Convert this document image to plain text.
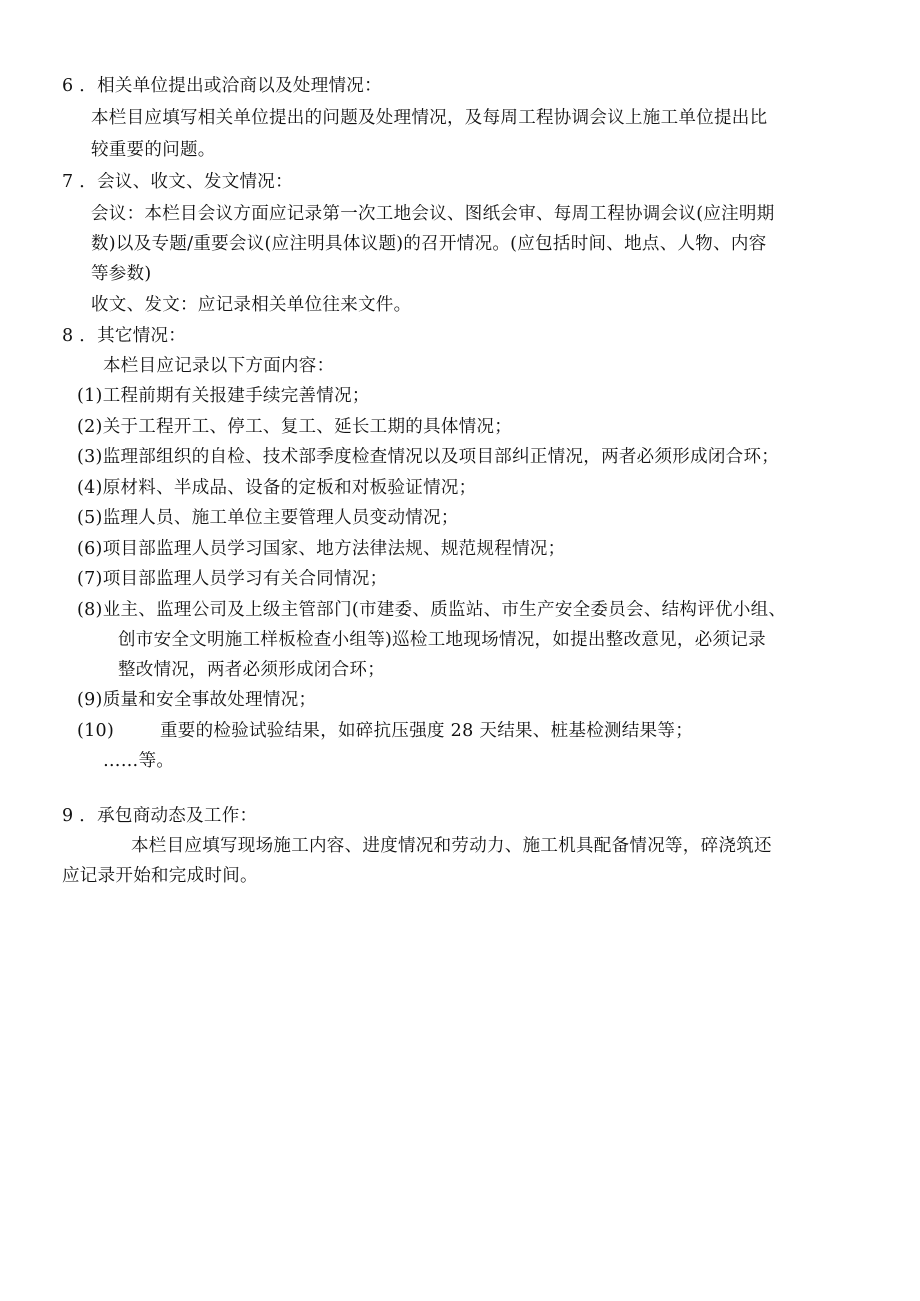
6 ．相关单位提出或洽商以及处理情况：
本栏目应填写相关单位提出的问题及处理情况，及每周工程协调会议上施工单位提出比
较重要的问题。
7 ．会议、收文、发文情况：
会议：本栏目会议方面应记录第一次工地会议、图纸会审、每周工程协调会议(应注明期
数)以及专题/重要会议(应注明具体议题)的召开情况。(应包括时间、地点、人物、内容
等参数)
收文、发文：应记录相关单位往来文件。
8 ．其它情况：
本栏目应记录以下方面内容：
(1)工程前期有关报建手续完善情况；
(2)关于工程开工、停工、复工、延长工期的具体情况；
(3)监理部组织的自检、技术部季度检查情况以及项目部纠正情况，两者必须形成闭合环；
(4)原材料、半成品、设备的定板和对板验证情况；
(5)监理人员、施工单位主要管理人员变动情况；
(6)项目部监理人员学习国家、地方法律法规、规范规程情况；
(7)项目部监理人员学习有关合同情况；
(8)业主、监理公司及上级主管部门(市建委、质监站、市生产安全委员会、结构评优小组、
创市安全文明施工样板检查小组等)巡检工地现场情况，如提出整改意见，必须记录
整改情况，两者必须形成闭合环；
(9)质量和安全事故处理情况；
(10)	重要的检验试验结果，如碎抗压强度 28 天结果、桩基检测结果等；
……等。
9 ．承包商动态及工作：
本栏目应填写现场施工内容、进度情况和劳动力、施工机具配备情况等，碎浇筑还
应记录开始和完成时间。
